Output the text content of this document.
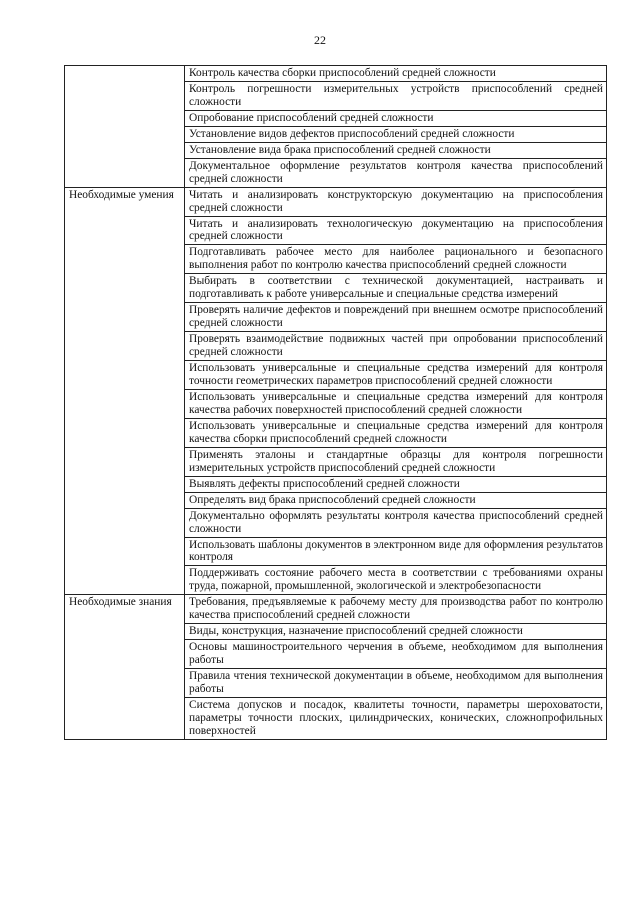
22
	Контроль качества сборки приспособлений средней сложности
	Контроль погрешности измерительных устройств приспособлений средней сложности
	Опробование приспособлений средней сложности
	Установление видов дефектов приспособлений средней сложности
	Установление вида брака приспособлений средней сложности
	Документальное оформление результатов контроля качества приспособлений средней сложности
Необходимые умения	Читать и анализировать конструкторскую документацию на приспособления средней сложности
	Читать и анализировать технологическую документацию на приспособления средней сложности
	Подготавливать рабочее место для наиболее рационального и безопасного выполнения работ по контролю качества приспособлений средней сложности
	Выбирать в соответствии с технической документацией, настраивать и подготавливать к работе универсальные и специальные средства измерений
	Проверять наличие дефектов и повреждений при внешнем осмотре приспособлений средней сложности
	Проверять взаимодействие подвижных частей при опробовании приспособлений средней сложности
	Использовать универсальные и специальные средства измерений для контроля точности геометрических параметров приспособлений средней сложности
	Использовать универсальные и специальные средства измерений для контроля качества рабочих поверхностей приспособлений средней сложности
	Использовать универсальные и специальные средства измерений для контроля качества сборки приспособлений средней сложности
	Применять эталоны и стандартные образцы для контроля погрешности измерительных устройств приспособлений средней сложности
	Выявлять дефекты приспособлений средней сложности
	Определять вид брака приспособлений средней сложности
	Документально оформлять результаты контроля качества приспособлений средней сложности
	Использовать шаблоны документов в электронном виде для оформления результатов контроля
	Поддерживать состояние рабочего места в соответствии с требованиями охраны труда, пожарной, промышленной, экологической и электробезопасности
Необходимые знания	Требования, предъявляемые к рабочему месту для производства работ по контролю качества приспособлений средней сложности
	Виды, конструкция, назначение приспособлений средней сложности
	Основы машиностроительного черчения в объеме, необходимом для выполнения работы
	Правила чтения технической документации в объеме, необходимом для выполнения работы
	Система допусков и посадок, квалитеты точности, параметры шероховатости, параметры точности плоских, цилиндрических, конических, сложнопрофильных поверхностей
